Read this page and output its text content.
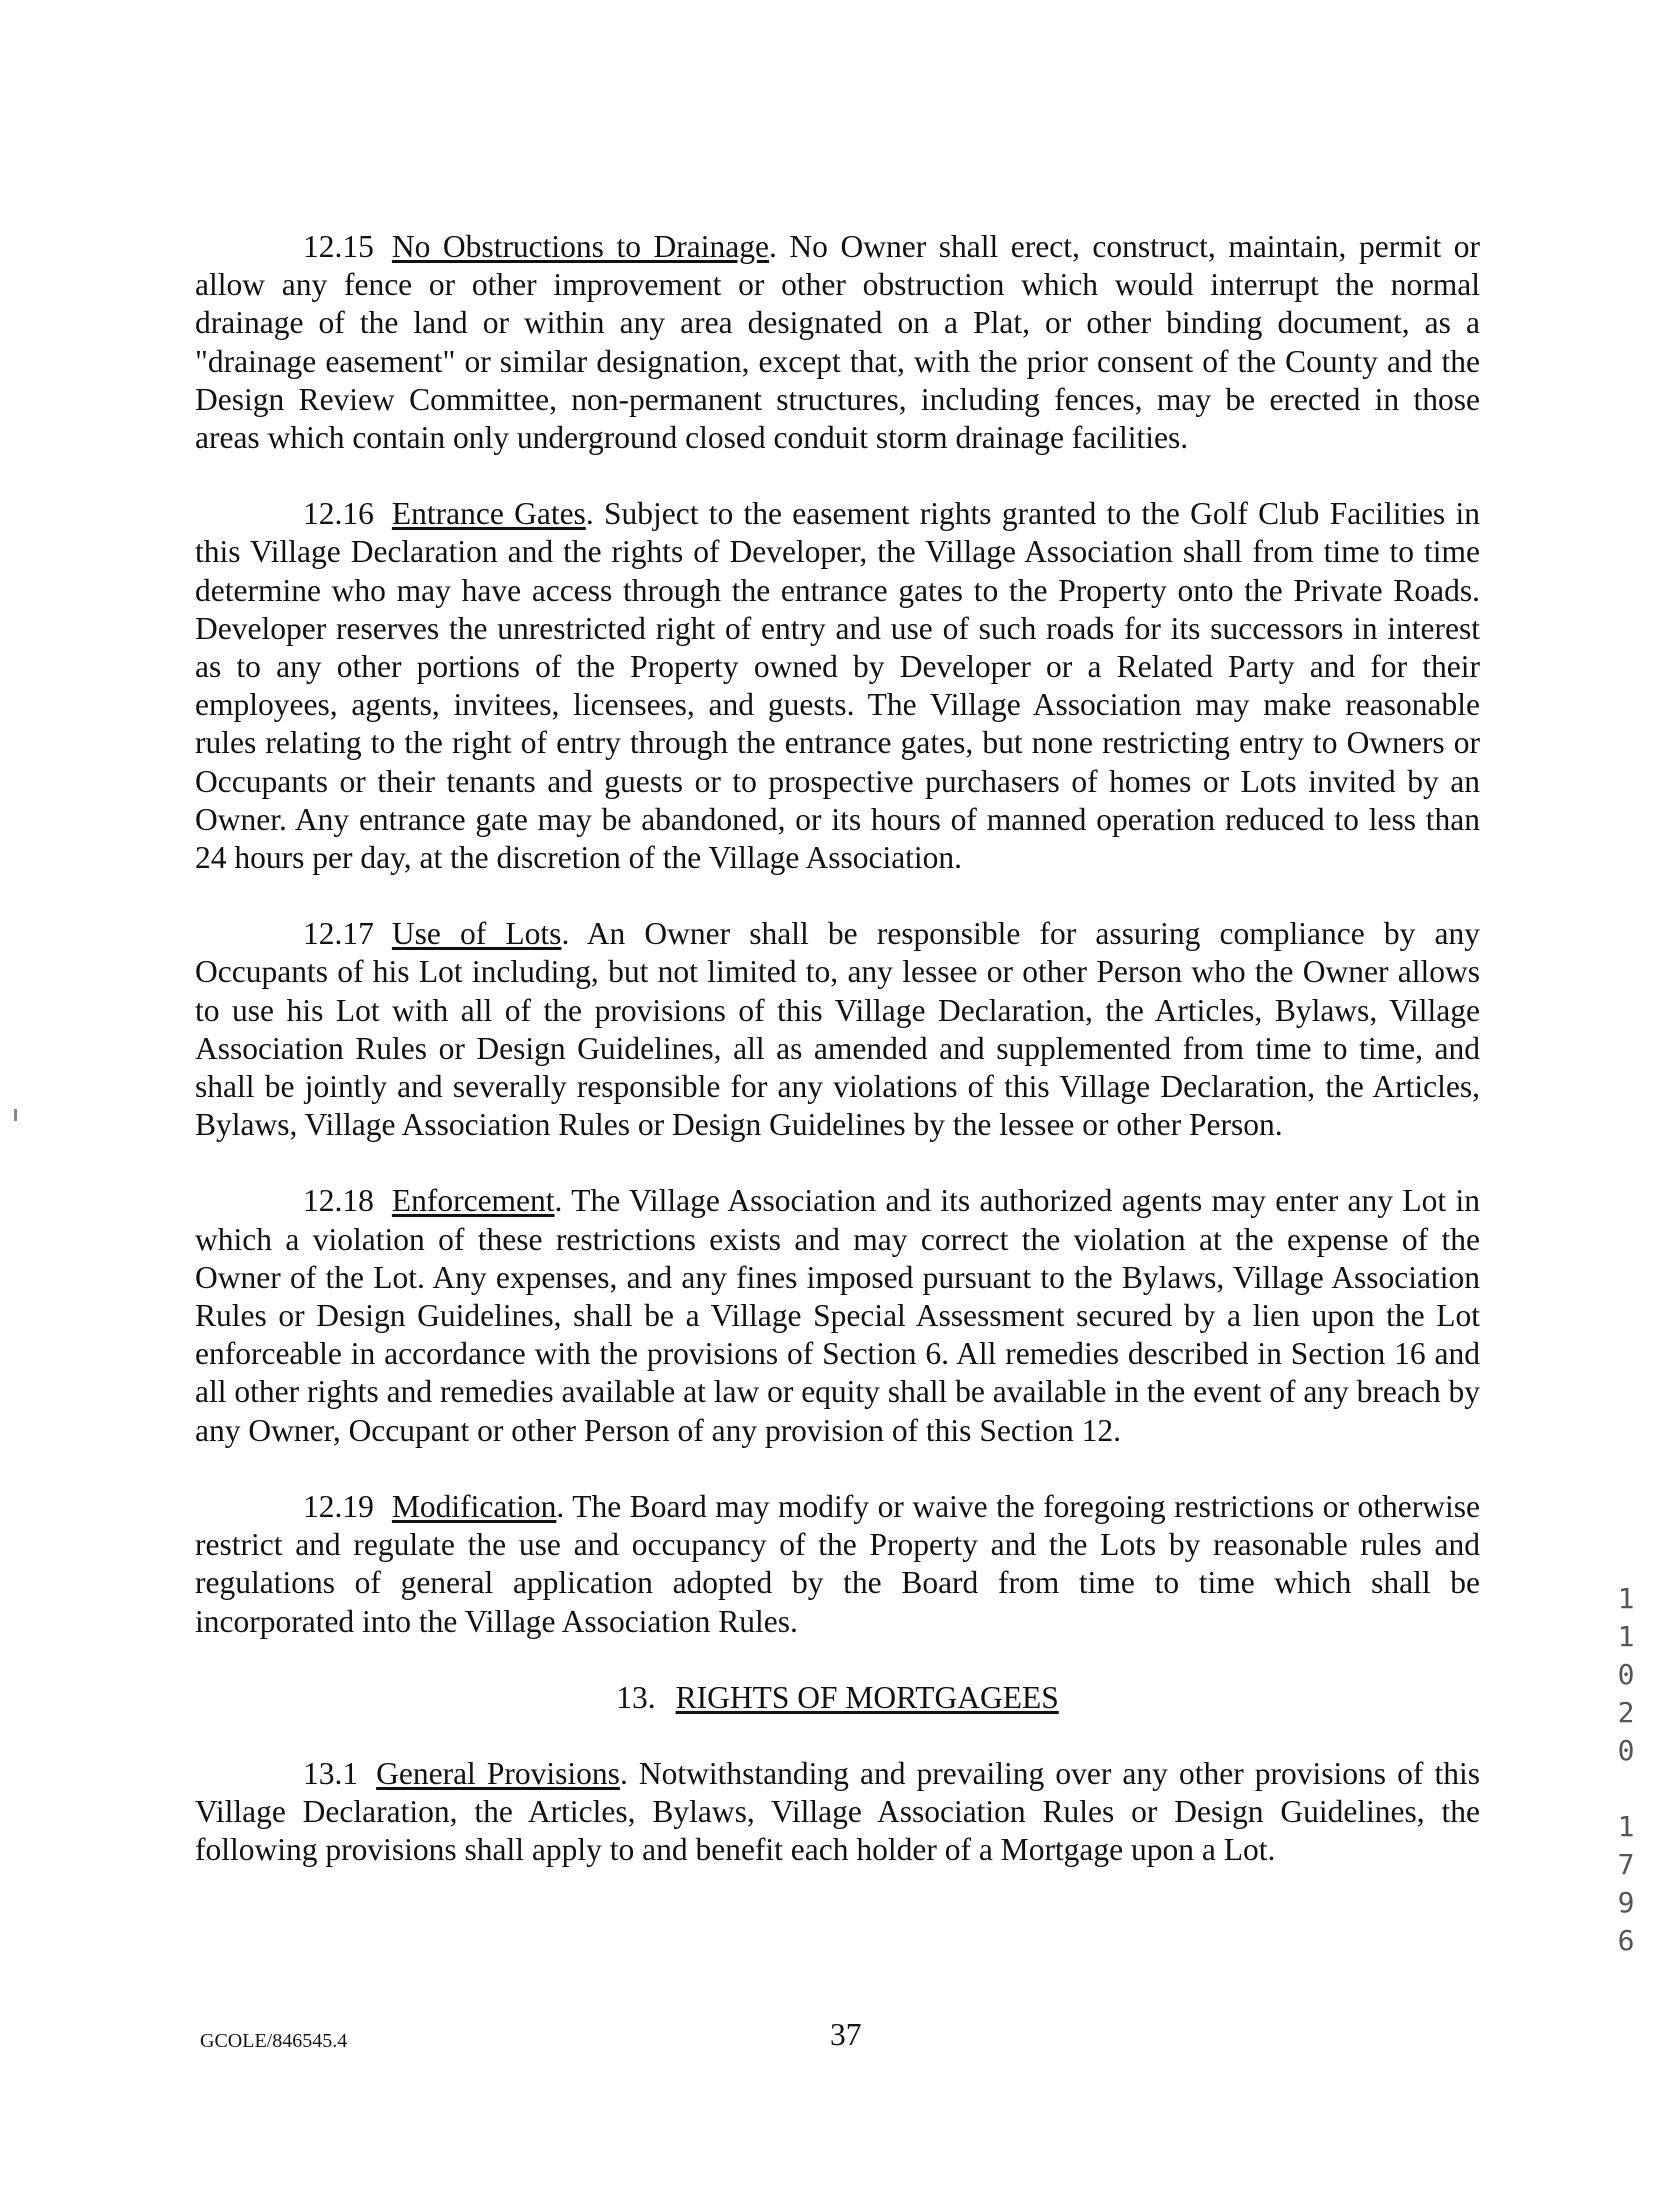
12.15 No Obstructions to Drainage. No Owner shall erect, construct, maintain, permit or allow any fence or other improvement or other obstruction which would interrupt the normal drainage of the land or within any area designated on a Plat, or other binding document, as a "drainage easement" or similar designation, except that, with the prior consent of the County and the Design Review Committee, non-permanent structures, including fences, may be erected in those areas which contain only underground closed conduit storm drainage facilities.

12.16 Entrance Gates. Subject to the easement rights granted to the Golf Club Facilities in this Village Declaration and the rights of Developer, the Village Association shall from time to time determine who may have access through the entrance gates to the Property onto the Private Roads. Developer reserves the unrestricted right of entry and use of such roads for its successors in interest as to any other portions of the Property owned by Developer or a Related Party and for their employees, agents, invitees, licensees, and guests. The Village Association may make reasonable rules relating to the right of entry through the entrance gates, but none restricting entry to Owners or Occupants or their tenants and guests or to prospective purchasers of homes or Lots invited by an Owner. Any entrance gate may be abandoned, or its hours of manned operation reduced to less than 24 hours per day, at the discretion of the Village Association.

12.17 Use of Lots. An Owner shall be responsible for assuring compliance by any Occupants of his Lot including, but not limited to, any lessee or other Person who the Owner allows to use his Lot with all of the provisions of this Village Declaration, the Articles, Bylaws, Village Association Rules or Design Guidelines, all as amended and supplemented from time to time, and shall be jointly and severally responsible for any violations of this Village Declaration, the Articles, Bylaws, Village Association Rules or Design Guidelines by the lessee or other Person.

12.18 Enforcement. The Village Association and its authorized agents may enter any Lot in which a violation of these restrictions exists and may correct the violation at the expense of the Owner of the Lot. Any expenses, and any fines imposed pursuant to the Bylaws, Village Association Rules or Design Guidelines, shall be a Village Special Assessment secured by a lien upon the Lot enforceable in accordance with the provisions of Section 6. All remedies described in Section 16 and all other rights and remedies available at law or equity shall be available in the event of any breach by any Owner, Occupant or other Person of any provision of this Section 12.

12.19 Modification. The Board may modify or waive the foregoing restrictions or otherwise restrict and regulate the use and occupancy of the Property and the Lots by reasonable rules and regulations of general application adopted by the Board from time to time which shall be incorporated into the Village Association Rules.

13. RIGHTS OF MORTGAGEES

13.1 General Provisions. Notwithstanding and prevailing over any other provisions of this Village Declaration, the Articles, Bylaws, Village Association Rules or Design Guidelines, the following provisions shall apply to and benefit each holder of a Mortgage upon a Lot.

1
1
0
2
0
1
7
9
6
GCOLE/846545.4	37
